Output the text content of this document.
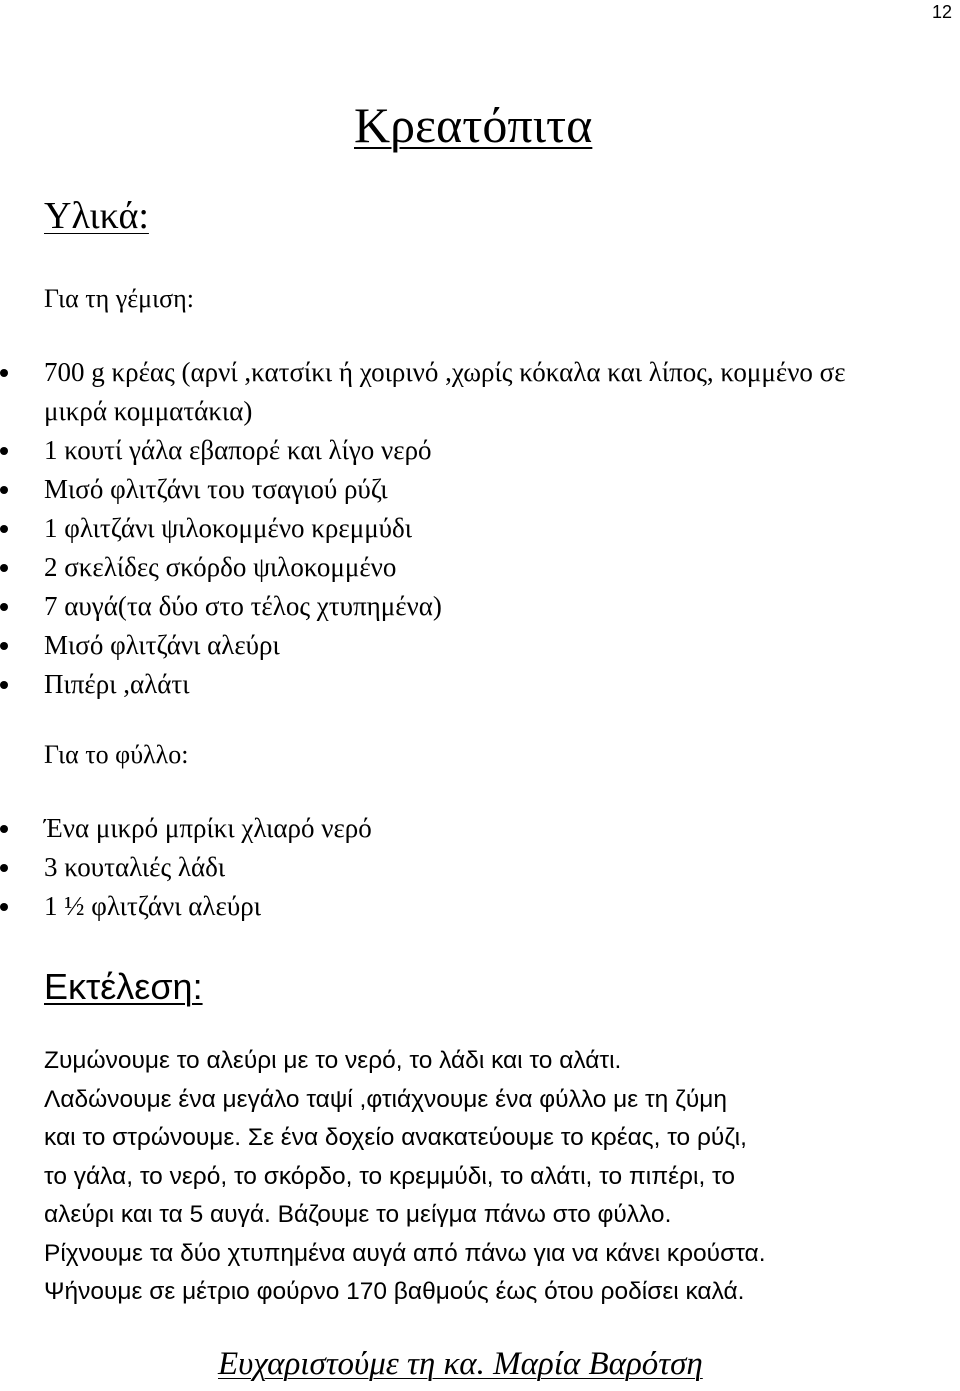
12
Κρεατόπιτα
Υλικά:
Για τη γέμιση:
700 g κρέας (αρνί ,κατσίκι ή χοιρινό ,χωρίς κόκαλα και λίπος, κομμένο σε μικρά κομματάκια)
1 κουτί γάλα εβαπορέ και λίγο νερό
Μισό φλιτζάνι του τσαγιού ρύζι
1 φλιτζάνι ψιλοκομμένο κρεμμύδι
2 σκελίδες σκόρδο ψιλοκομμένο
7 αυγά(τα δύο στο τέλος χτυπημένα)
Μισό φλιτζάνι αλεύρι
Πιπέρι ,αλάτι
Για το φύλλο:
Ένα μικρό μπρίκι χλιαρό νερό
3 κουταλιές λάδι
1 ½ φλιτζάνι αλεύρι
Εκτέλεση:

Ζυμώνουμε το αλεύρι με το νερό, το λάδι και το αλάτι.
Λαδώνουμε ένα μεγάλο ταψί ,φτιάχνουμε ένα φύλλο με τη ζύμη
και το στρώνουμε. Σε ένα δοχείο ανακατεύουμε το κρέας, το ρύζι,
το γάλα, το νερό, το σκόρδο, το κρεμμύδι, το αλάτι, το πιπέρι, το
αλεύρι και τα 5 αυγά. Βάζουμε το μείγμα πάνω στο φύλλο.
Ρίχνουμε τα δύο χτυπημένα αυγά από πάνω για να κάνει κρούστα.
Ψήνουμε σε μέτριο φούρνο 170 βαθμούς έως ότου ροδίσει καλά.

Ευχαριστούμε τη κα. Μαρία Βαρότση
